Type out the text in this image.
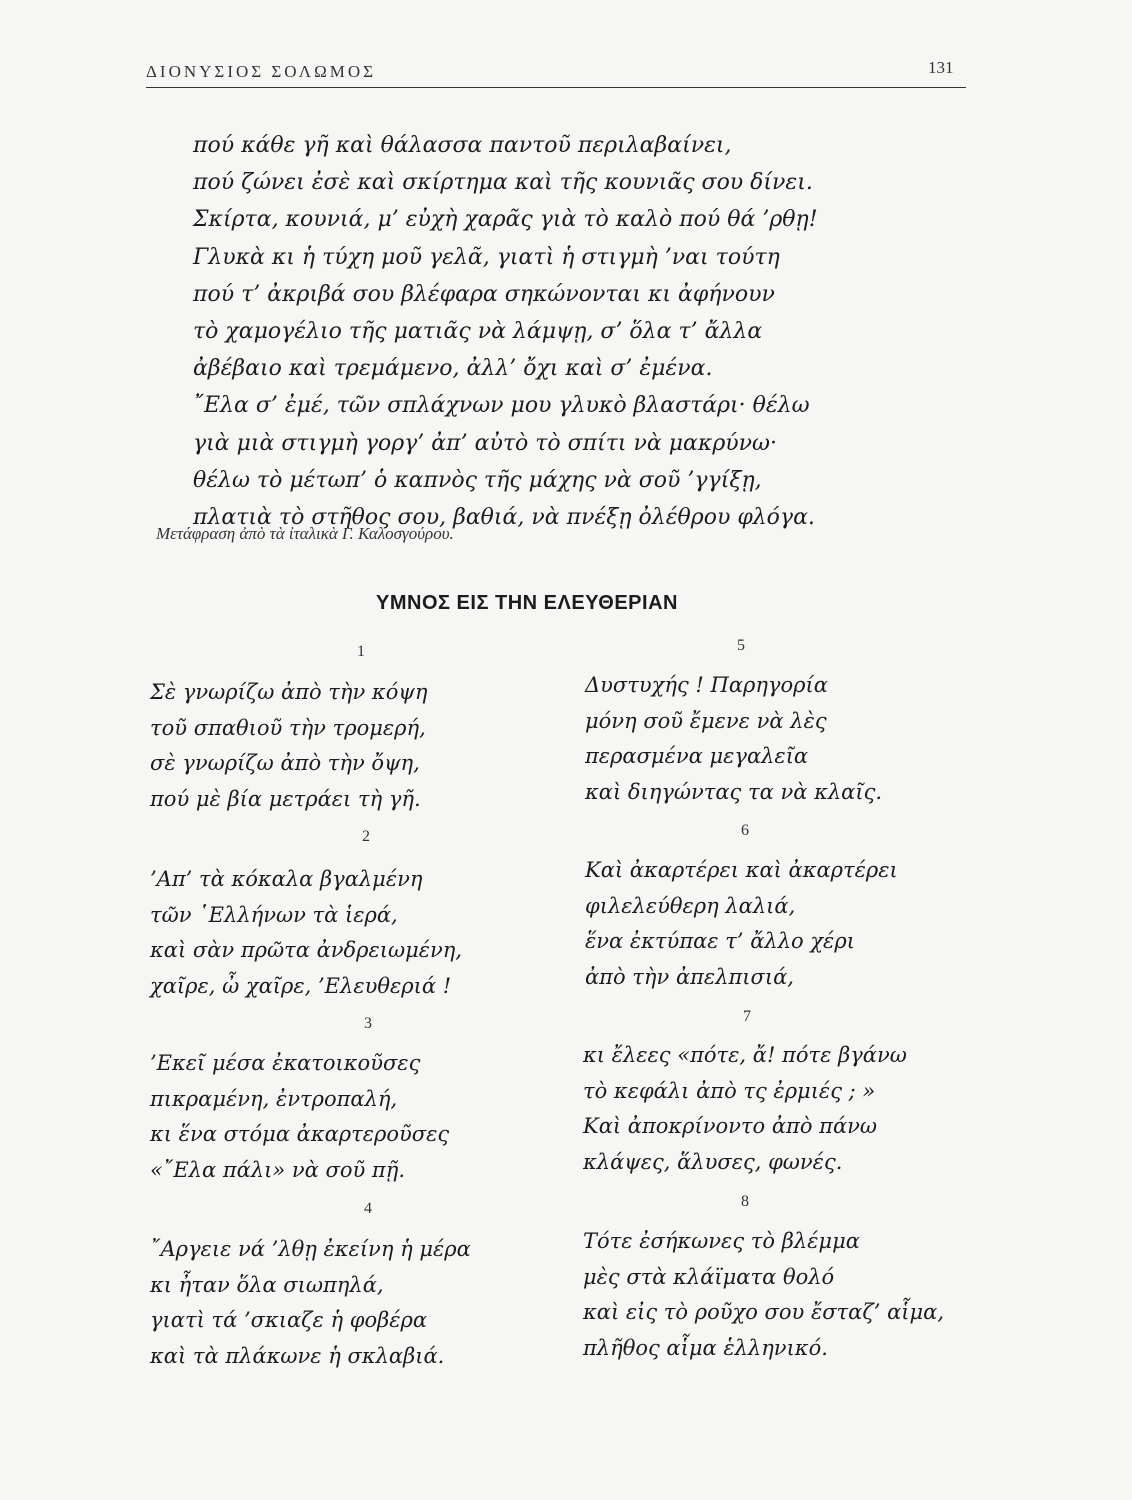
ΔΙΟΝΥΣΙΟΣ ΣΟΛΩΜΟΣ	131
πού κάθε γῆ καὶ θάλασσα παντοῦ περιλαβαίνει,
πού ζώνει ἐσὲ καὶ σκίρτημα καὶ τῆς κουνιᾶς σου δίνει.
Σκίρτα, κουνιά, μ’ εὐχὴ χαρᾶς γιὰ τὸ καλὸ πού θά ’ρθῃ!
Γλυκὰ κι ἡ τύχη μοῦ γελᾶ, γιατὶ ἡ στιγμὴ ’ναι τούτη
πού τ’ ἀκριβά σου βλέφαρα σηκώνονται κι ἀφήνουν
τὸ χαμογέλιο τῆς ματιᾶς νὰ λάμψῃ, σ’ ὅλα τ’ ἄλλα
ἀβέβαιο καὶ τρεμάμενο, ἀλλ’ ὄχι καὶ σ’ ἐμένα.
῎Ελα σ’ ἐμέ, τῶν σπλάχνων μου γλυκὸ βλαστάρι· θέλω
γιὰ μιὰ στιγμὴ γοργ’ ἀπ’ αὐτὸ τὸ σπίτι νὰ μακρύνω·
θέλω τὸ μέτωπ’ ὁ καπνὸς τῆς μάχης νὰ σοῦ ’γγίξῃ,
πλατιὰ τὸ στῆθος σου, βαθιά, νὰ πνέξῃ ὀλέθρου φλόγα.
Μετάφραση ἀπὸ τὰ ἰταλικὰ Γ. Καλοσγούρου.
ΥΜΝΟΣ ΕΙΣ ΤΗΝ ΕΛΕΥΘΕΡΙΑΝ
1
Σὲ γνωρίζω ἀπὸ τὴν κόψη
τοῦ σπαθιοῦ τὴν τρομερή,
σὲ γνωρίζω ἀπὸ τὴν ὄψη,
πού μὲ βία μετράει τὴ γῆ.
2
’Απ’ τὰ κόκαλα βγαλμένη
τῶν ῾Ελλήνων τὰ ἱερά,
καὶ σὰν πρῶτα ἀνδρειωμένη,
χαῖρε, ὦ χαῖρε, ’Ελευθεριά !
3
’Εκεῖ μέσα ἐκατοικοῦσες
πικραμένη, ἐντροπαλή,
κι ἕνα στόμα ἀκαρτεροῦσες
«῎Ελα πάλι» νὰ σοῦ πῇ.
4
῎Αργειε νά ’λθῃ ἐκείνη ἡ μέρα
κι ἦταν ὅλα σιωπηλά,
γιατὶ τά ’σκιαζε ἡ φοβέρα
καὶ τὰ πλάκωνε ἡ σκλαβιά.
5
Δυστυχής ! Παρηγορία
μόνη σοῦ ἔμενε νὰ λὲς
περασμένα μεγαλεῖα
καὶ διηγώντας τα νὰ κλαῖς.
6
Καὶ ἀκαρτέρει καὶ ἀκαρτέρει
φιλελεύθερη λαλιά,
ἕνα ἐκτύπαε τ’ ἄλλο χέρι
ἀπὸ τὴν ἀπελπισιά,
7
κι ἔλεες «πότε, ἄ! πότε βγάνω
τὸ κεφάλι ἀπὸ τς ἐρμιές ; »
Καὶ ἀποκρίνοντο ἀπὸ πάνω
κλάψες, ἅλυσες, φωνές.
8
Τότε ἐσήκωνες τὸ βλέμμα
μὲς στὰ κλάϊματα θολό
καὶ εἰς τὸ ροῦχο σου ἔσταζ’ αἷμα,
πλῆθος αἷμα ἑλληνικό.
